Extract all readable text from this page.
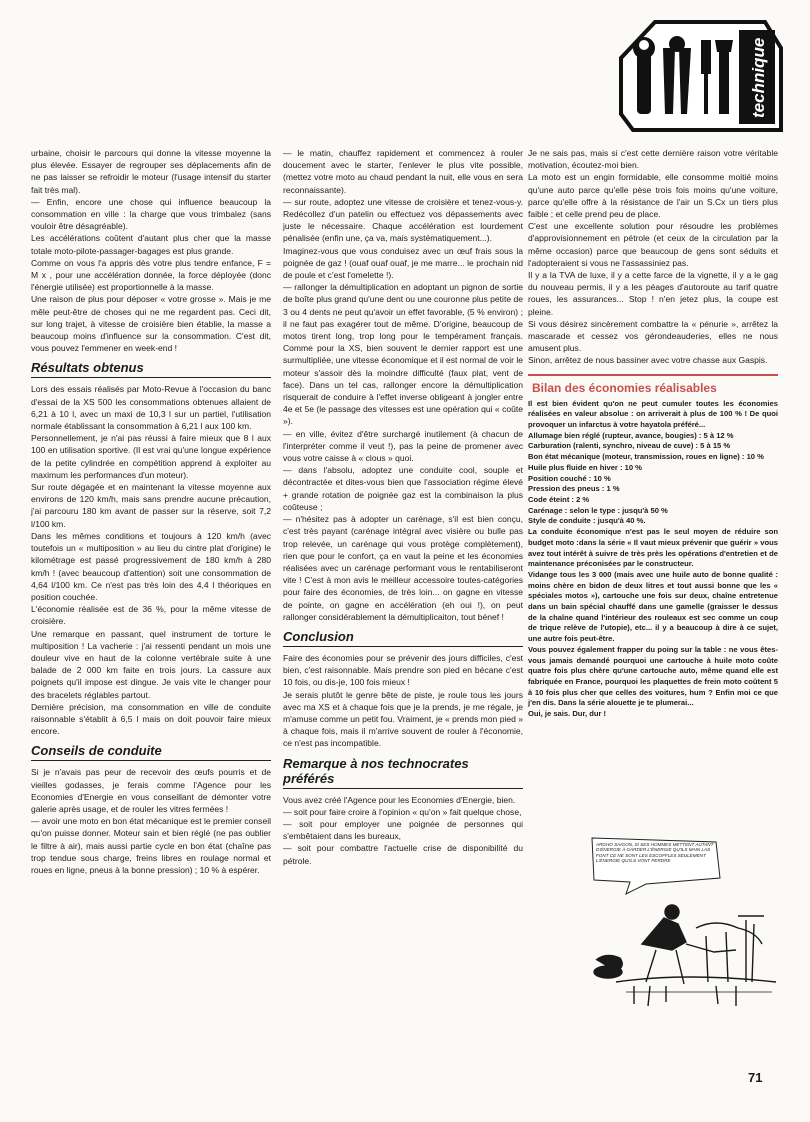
technique

urbaine, choisir le parcours qui donne la vitesse moyenne la plus élevée. Essayer de regrouper ses déplacements afin de ne pas laisser se refroidir le moteur (l'usage intensif du starter fait très mal).

— Enfin, encore une chose qui influence beaucoup la consommation en ville : la charge que vous trimbalez (sans vouloir être désagréable).

Les accélérations coûtent d'autant plus cher que la masse totale moto-pilote-passager-bagages est plus grande.

Comme on vous l'a appris dès votre plus tendre enfance, F = M x , pour une accélération donnée, la force déployée (donc l'énergie utilisée) est proportionnelle à la masse.

Une raison de plus pour déposer « votre grosse ». Mais je me mêle peut-être de choses qui ne me regardent pas. Ceci dit, sur long trajet, à vitesse de croisière bien établie, la masse a beaucoup moins d'influence sur la consommation. C'est dit, vous pouvez l'emmener en week-end !

Résultats obtenus

Lors des essais réalisés par Moto-Revue à l'occasion du banc d'essai de la XS 500 les consommations obtenues allaient de 6,21 à 10 l, avec un maxi de 10,3 l sur un partiel, l'utilisation normale établissant la consommation à 6,21 l aux 100 km.

Personnellement, je n'ai pas réussi à faire mieux que 8 l aux 100 en utilisation sportive. (Il est vrai qu'une longue expérience de la petite cylindrée en compétition apprend à exploiter au maximum les performances d'un moteur).

Sur route dégagée et en maintenant la vitesse moyenne aux environs de 120 km/h, mais sans prendre aucune précaution, j'ai parcouru 180 km avant de passer sur la réserve, soit 7,2 l/100 km.

Dans les mêmes conditions et toujours à 120 km/h (avec toutefois un « multiposition » au lieu du cintre plat d'origine) le kilométrage est passé progressivement de 180 km/h à 280 km/h ! (avec beaucoup d'attention) soit une consommation de 4,64 l/100 km. Ce n'est pas très loin des 4,4 l théoriques en position couchée.

L'économie réalisée est de 36 %, pour la même vitesse de croisière.

Une remarque en passant, quel instrument de torture le multiposition ! La vacherie : j'ai ressenti pendant un mois une douleur vive en haut de la colonne vertébrale suite à une balade de 2 000 km faite en trois jours. La cassure aux poignets qu'il impose est dingue. Je vais vite le changer pour des bracelets réglables partout.

Dernière précision, ma consommation en ville de conduite raisonnable s'établit à 6,5 l mais on doit pouvoir faire mieux encore.

Conseils de conduite

Si je n'avais pas peur de recevoir des œufs pourris et de vieilles godasses, je ferais comme l'Agence pour les Economies d'Energie en vous conseillant de démonter votre galerie après usage, et de rouler les vitres fermées !

— avoir une moto en bon état mécanique est le premier conseil qu'on puisse donner. Moteur sain et bien réglé (ne pas oublier le filtre à air), mais aussi partie cycle en bon état (chaîne pas trop tendue sous charge, freins libres en roulage normal et roues en ligne, pneus à la bonne pression) ; 10 % à espérer.

— le matin, chauffez rapidement et commencez à rouler doucement avec le starter, l'enlever le plus vite possible, (mettez votre moto au chaud pendant la nuit, elle vous en sera reconnaissante).

— sur route, adoptez une vitesse de croisière et tenez-vous-y. Redécollez d'un patelin ou effectuez vos dépassements avec juste le nécessaire. Chaque accélération est lourdement pénalisée (enfin une, ça va, mais systématiquement...).

Imaginez-vous que vous conduisez avec un œuf frais sous la poignée de gaz ! (ouaf ouaf ouaf, je me marre... le prochain nid de poule et c'est l'omelette !).

— rallonger la démultiplication en adoptant un pignon de sortie de boîte plus grand qu'une dent ou une couronne plus petite de 3 ou 4 dents ne peut qu'avoir un effet favorable, (5 % environ) ; il ne faut pas exagérer tout de même. D'origine, beaucoup de motos tirent long, trop long pour le tempérament français. Comme pour la XS, bien souvent le dernier rapport est une surmultipliée, une vitesse économique et il est normal de voir le moteur s'assoir dès la moindre difficulté (faux plat, vent de face). Dans un tel cas, rallonger encore la démultiplication risquerait de conduire à l'effet inverse obligeant à jongler entre 4e et 5e (le passage des vitesses est une opération qui « coûte »).

— en ville, évitez d'être surchargé inutilement (à chacun de l'interpréter comme il veut !), pas la peine de promener avec vous votre caisse à « clous » quoi.

— dans l'absolu, adoptez une conduite cool, souple et décontractée et dites-vous bien que l'association régime élevé + grande rotation de poignée gaz est la combinaison la plus coûteuse ;

— n'hésitez pas à adopter un carénage, s'il est bien conçu, c'est très payant (carénage intégral avec visière ou bulle pas trop relevée, un carénage qui vous protège complètement), rien que pour le confort, ça en vaut la peine et les économies réalisées avec un carénage performant vous le rentabiliseront vite ! C'est à mon avis le meilleur accessoire toutes-catégories pour faire des économies, de très loin... on gagne en vitesse de pointe, on gagne en accélération (eh oui !), on peut rallonger considérablement la démultiplicaiton, tout bénef !

Conclusion

Faire des économies pour se prévenir des jours difficiles, c'est bien, c'est raisonnable. Mais prendre son pied en bécane c'est 10 fois, ou dis-je, 100 fois mieux !

Je serais plutôt le genre bête de piste, je roule tous les jours avec ma XS et à chaque fois que je la prends, je me régale, je m'amuse comme un petit fou. Vraiment, je « prends mon pied » à chaque fois, mais il m'arrive souvent de rouler à l'économie, ce n'est pas incompatible.

Remarque à nos technocrates préférés

Vous avez créé l'Agence pour les Economies d'Energie, bien.

— soit pour faire croire à l'opinion « qu'on » fait quelque chose,

— soit pour employer une poignée de personnes qui s'embêtaient dans les bureaux,

— soit pour combattre l'actuelle crise de disponibilité du pétrole.

Je ne sais pas, mais si c'est cette dernière raison votre véritable motivation, écoutez-moi bien.

La moto est un engin formidable, elle consomme moitié moins qu'une auto parce qu'elle pèse trois fois moins qu'une voiture, parce qu'elle offre à la résistance de l'air un S.Cx un tiers plus faible ; et celle prend peu de place.

C'est une excellente solution pour résoudre les problèmes d'approvisionnement en pétrole (et ceux de la circulation par la même occasion) parce que beaucoup de gens sont séduits et l'adopteraient si vous ne l'assassiniez pas.

Il y a la TVA de luxe, il y a cette farce de la vignette, il y a le gag du nouveau permis, il y a les péages d'autoroute au tarif quatre roues, les assurances... Stop ! n'en jetez plus, la coupe est pleine.

Si vous désirez sincèrement combattre la « pénurie », arrêtez la mascarade et cessez vos gérondeauderies, elles ne nous amusent plus.

Sinon, arrêtez de nous bassiner avec votre chasse aux Gaspis.

Bilan des économies réalisables

Il est bien évident qu'on ne peut cumuler toutes les économies réalisées en valeur absolue : on arriverait à plus de 100 % ! De quoi provoquer un infarctus à votre hayatola préféré...

Allumage bien réglé (rupteur, avance, bougies) : 5 à 12 %

Carburation (ralenti, synchro, niveau de cuve) : 5 à 15 %

Bon état mécanique (moteur, transmission, roues en ligne) : 10 %

Huile plus fluide en hiver : 10 %

Position couché : 10 %

Pression des pneus : 1 %

Code éteint : 2 %

Carénage : selon le type : jusqu'à 50 %

Style de conduite : jusqu'à 40 %.

La conduite économique n'est pas le seul moyen de réduire son budget moto :dans la série « Il vaut mieux prévenir que guérir » vous avez tout intérêt à suivre de très près les opérations d'entretien et de maintenance préconisées par le constructeur.

Vidange tous les 3 000 (mais avec une huile auto de bonne qualité : moins chère en bidon de deux litres et tout aussi bonne que les « spéciales motos »), cartouche une fois sur deux, chaîne entretenue dans un bain spécial chauffé dans une gamelle (graisser le dessus de la chaîne quand l'intérieur des rouleaux est sec comme un coup de trique relève de l'utopie), etc... il y a beaucoup à dire à ce sujet, une autre fois peut-être.

Vous pouvez également frapper du poing sur la table : ne vous êtes-vous jamais demandé pourquoi une cartouche à huile moto coûte quatre fois plus chère qu'une cartouche auto, même quand elle est fabriquée en France, pourquoi les plaquettes de frein moto coûtent 5 à 10 fois plus cher que celles des voitures, hum ? Enfin moi ce que j'en dis. Dans la série alouette je te plumerai...

Oui, je sais. Dur, dur !

ARGHO SAIGON, SI SES HOMMES METTENT AUTANT D'ÉNERGIE À GARDER L'ÉNERGIE QU'ILS MAIN LAS FONT CE NE SONT LES ESCOFFLES SEULEMENT L'ÉNERGIE QU'ILS VONT PERDRE
71
